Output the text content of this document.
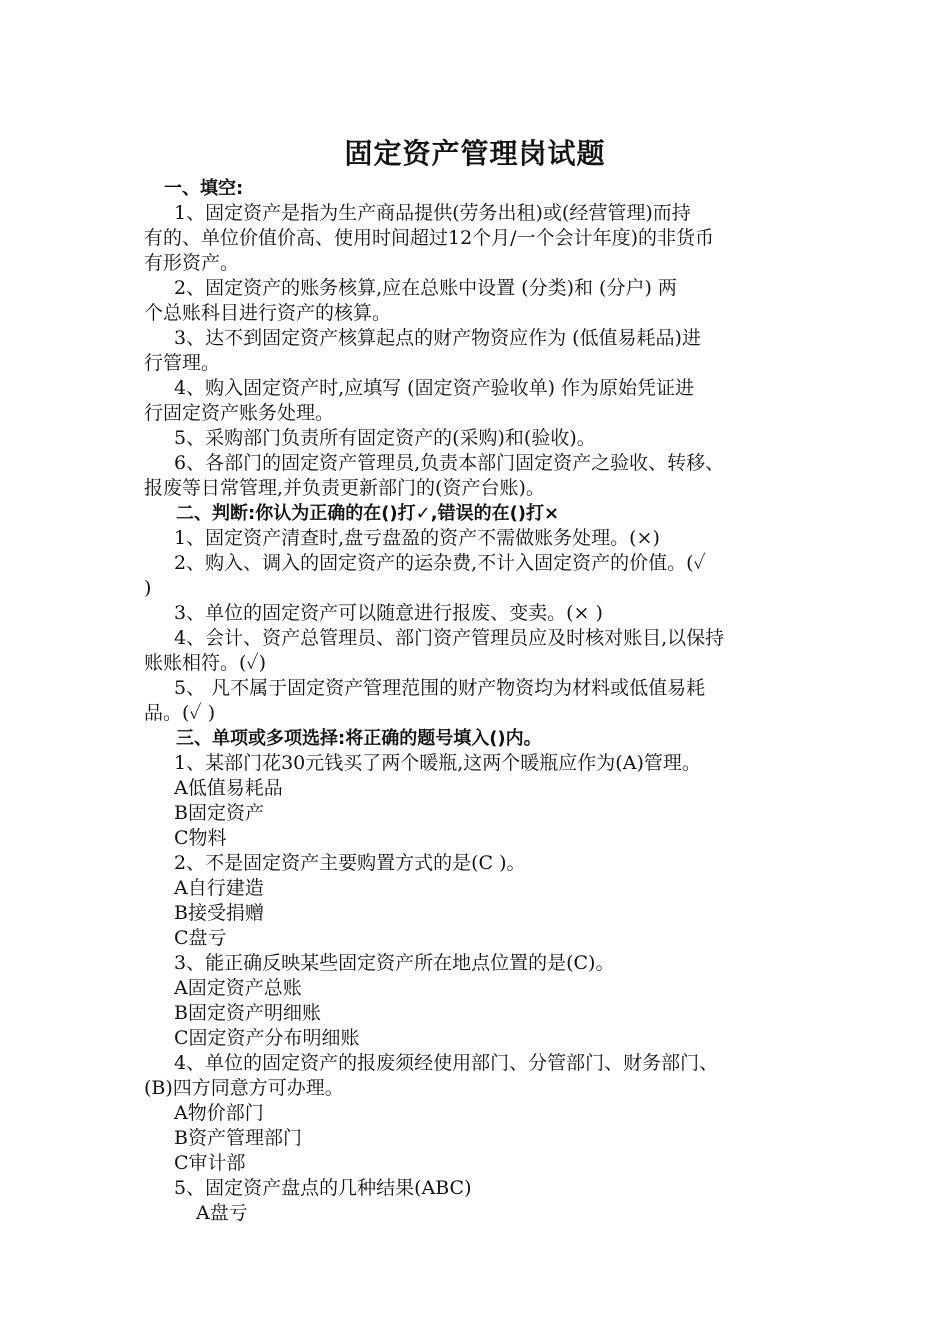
固定资产管理岗试题
一、填空:
1、固定资产是指为生产商品提供(劳务出租)或(经营管理)而持
有的、单位价值价高、使用时间超过12个月/一个会计年度)的非货币
有形资产。
2、固定资产的账务核算,应在总账中设置 (分类)和 (分户) 两
个总账科目进行资产的核算。
3、达不到固定资产核算起点的财产物资应作为 (低值易耗品)进
行管理。
4、购入固定资产时,应填写 (固定资产验收单) 作为原始凭证进
行固定资产账务处理。
5、采购部门负责所有固定资产的(采购)和(验收)。
6、各部门的固定资产管理员,负责本部门固定资产之验收、转移、
报废等日常管理,并负责更新部门的(资产台账)。
二、判断:你认为正确的在()打✓,错误的在()打×
1、固定资产清查时,盘亏盘盈的资产不需做账务处理。(×)
2、购入、调入的固定资产的运杂费,不计入固定资产的价值。(✓
)
3、单位的固定资产可以随意进行报废、变卖。(× )
4、会计、资产总管理员、部门资产管理员应及时核对账目,以保持
账账相符。(✓)
5、 凡不属于固定资产管理范围的财产物资均为材料或低值易耗
品。(✓ )
三、单项或多项选择:将正确的题号填入()内。
1、某部门花30元钱买了两个暖瓶,这两个暖瓶应作为(A)管理。
A低值易耗品
B固定资产
C物料
2、不是固定资产主要购置方式的是(C )。
A自行建造
B接受捐赠
C盘亏
3、能正确反映某些固定资产所在地点位置的是(C)。
A固定资产总账
B固定资产明细账
C固定资产分布明细账
4、单位的固定资产的报废须经使用部门、分管部门、财务部门、
(B)四方同意方可办理。
A物价部门
B资产管理部门
C审计部
5、固定资产盘点的几种结果(ABC)
A盘亏
